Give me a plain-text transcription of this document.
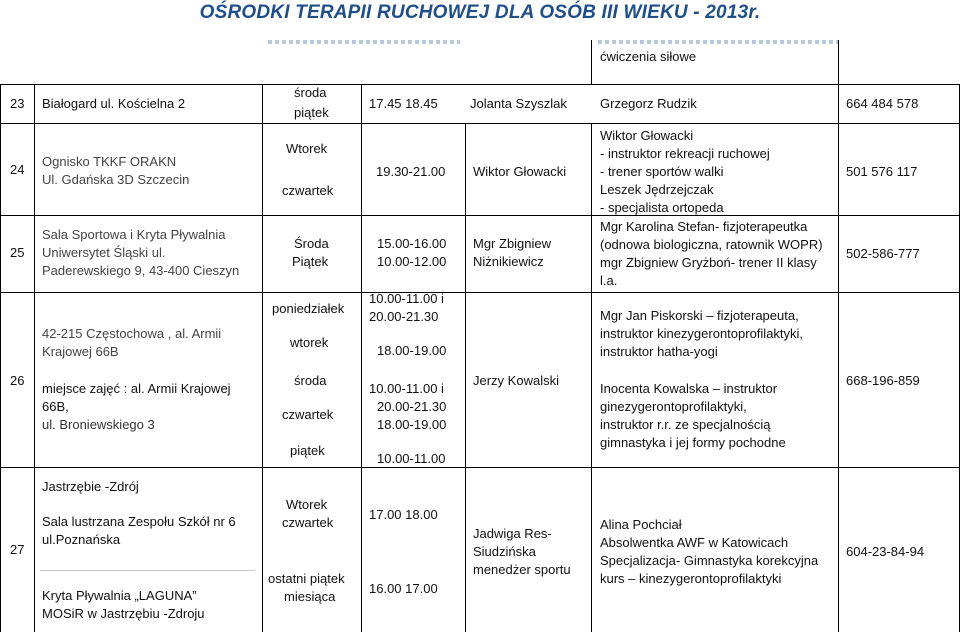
OŚRODKI TERAPII RUCHOWEJ DLA OSÓB III WIEKU - 2013r.
ćwiczenia siłowe
23 Białogard ul. Kościelna 2
środa
piątek
17.45 18.45 Jolanta Szyszlak	Grzegorz Rudzik	664 484 578
24
Ognisko TKKF ORAKN
Ul. Gdańska 3D Szczecin
Wtorek
czwartek
19.30-21.00 Wiktor Głowacki
Wiktor Głowacki
- instruktor rekreacji ruchowej
- trener sportów walki
Leszek Jędrzejczak
- specjalista ortopeda
501 576 117
25
Sala Sportowa i Kryta Pływalnia
Uniwersytet Śląski ul.
Paderewskiego 9, 43-400 Cieszyn
Środa
Piątek
15.00-16.00
10.00-12.00
Mgr Zbigniew
Niżnikiewicz
Mgr Karolina Stefan- fizjoterapeutka
(odnowa biologiczna, ratownik WOPR)
mgr Zbigniew Gryżboń- trener II klasy
l.a.
502-586-777
26
42-215 Częstochowa , al. Armii
Krajowej 66B
poniedziałek
wtorek
10.00-11.00 i
20.00-21.30
18.00-19.00
Mgr Jan Piskorski – fizjoterapeuta,
instruktor kinezygerontoprofilaktyki,
instruktor hatha-yogi
miejsce zajęć : al. Armii Krajowej
66B,
ul. Broniewskiego 3
środa
czwartek
piątek
10.00-11.00 i
20.00-21.30
18.00-19.00
10.00-11.00
Jerzy Kowalski
Inocenta Kowalska – instruktor
ginezygerontoprofilaktyki,
instruktor r.r. ze specjalnością
gimnastyka i jej formy pochodne
668-196-859
27
Jastrzębie -Zdrój
Sala lustrzana Zespołu Szkół nr 6
ul.Poznańska
Kryta Pływalnia „LAGUNA”
MOSiR w Jastrzębiu -Zdroju
Wtorek
czwartek
ostatni piątek
miesiąca
17.00 18.00
16.00 17.00
Jadwiga Res-
Siudzińska
menedżer sportu
Alina Pochciał
Absolwentka AWF w Katowicach
Specjalizacja- Gimnastyka korekcyjna
kurs – kinezygerontoprofilaktyki
604-23-84-94
